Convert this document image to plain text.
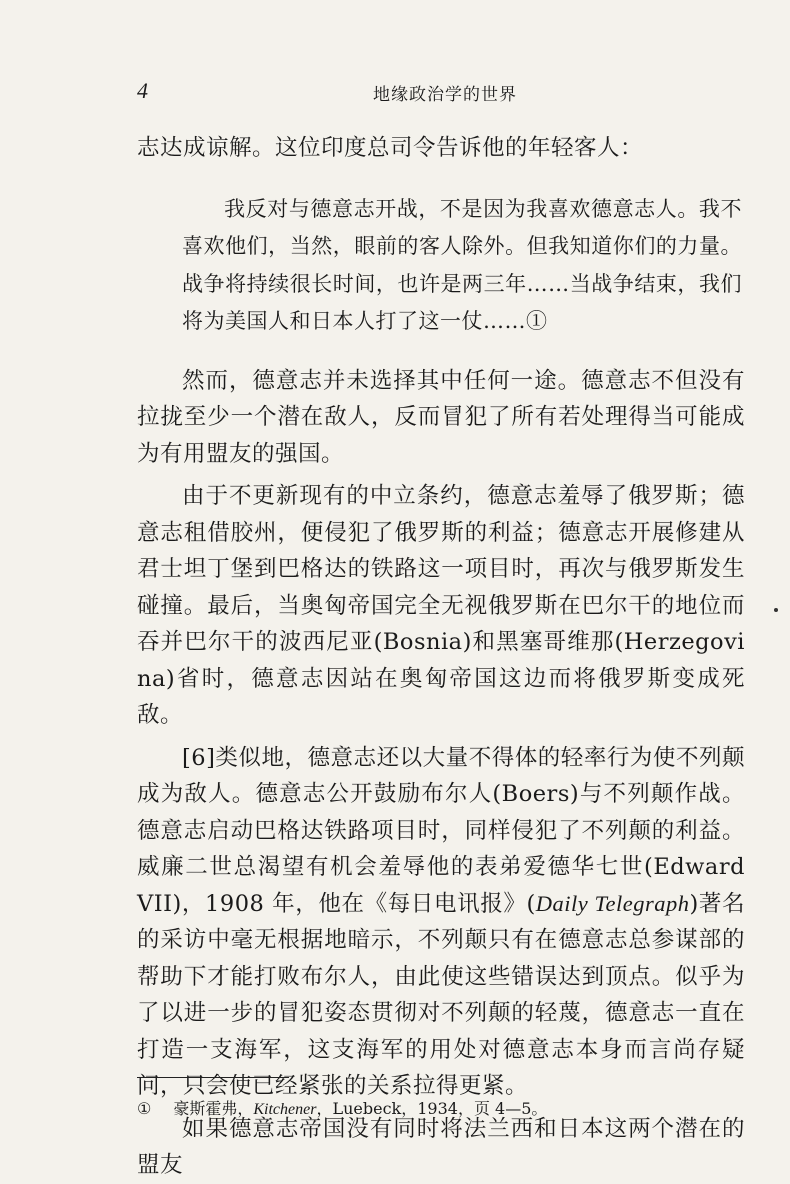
4	地缘政治学的世界

志达成谅解。这位印度总司令告诉他的年轻客人：

我反对与德意志开战，不是因为我喜欢德意志人。我不喜欢他们，当然，眼前的客人除外。但我知道你们的力量。战争将持续很长时间，也许是两三年……当战争结束，我们将为美国人和日本人打了这一仗……①

然而，德意志并未选择其中任何一途。德意志不但没有拉拢至少一个潜在敌人，反而冒犯了所有若处理得当可能成为有用盟友的强国。

由于不更新现有的中立条约，德意志羞辱了俄罗斯；德意志租借胶州，便侵犯了俄罗斯的利益；德意志开展修建从君士坦丁堡到巴格达的铁路这一项目时，再次与俄罗斯发生碰撞。最后，当奥匈帝国完全无视俄罗斯在巴尔干的地位而吞并巴尔干的波西尼亚(Bosnia)和黑塞哥维那(Herzegovina)省时，德意志因站在奥匈帝国这边而将俄罗斯变成死敌。

[6]类似地，德意志还以大量不得体的轻率行为使不列颠成为敌人。德意志公开鼓励布尔人(Boers)与不列颠作战。德意志启动巴格达铁路项目时，同样侵犯了不列颠的利益。威廉二世总渴望有机会羞辱他的表弟爱德华七世(Edward VII)，1908 年，他在《每日电讯报》(Daily Telegraph)著名的采访中毫无根据地暗示，不列颠只有在德意志总参谋部的帮助下才能打败布尔人，由此使这些错误达到顶点。似乎为了以进一步的冒犯姿态贯彻对不列颠的轻蔑，德意志一直在打造一支海军，这支海军的用处对德意志本身而言尚存疑问，只会使已经紧张的关系拉得更紧。

如果德意志帝国没有同时将法兰西和日本这两个潜在的盟友

① 豪斯霍弗，Kitchener，Luebeck，1934，页 4—5。
